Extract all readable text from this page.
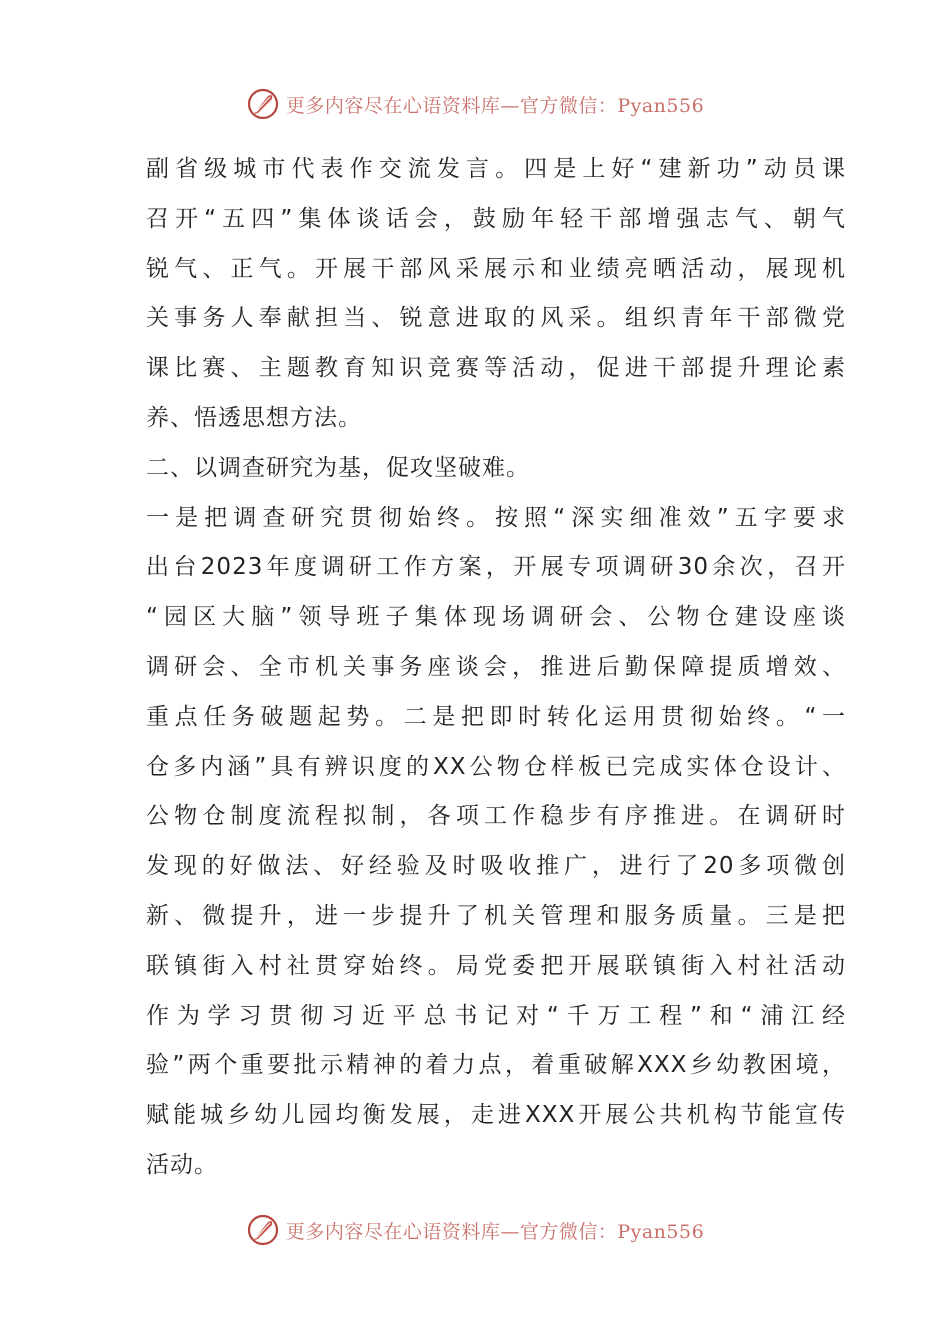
更多内容尽在心语资料库—官方微信：Pyan556
副省级城市代表作交流发言。四是上好“建新功”动员课
召开“五四”集体谈话会，鼓励年轻干部增强志气、朝气
锐气、正气。开展干部风采展示和业绩亮晒活动，展现机
关事务人奉献担当、锐意进取的风采。组织青年干部微党
课比赛、主题教育知识竞赛等活动，促进干部提升理论素
养、悟透思想方法。
二、以调查研究为基，促攻坚破难。
一是把调查研究贯彻始终。按照“深实细准效”五字要求
出台2023年度调研工作方案，开展专项调研30余次，召开
“园区大脑”领导班子集体现场调研会、公物仓建设座谈
调研会、全市机关事务座谈会，推进后勤保障提质增效、
重点任务破题起势。二是把即时转化运用贯彻始终。“一
仓多内涵”具有辨识度的XX公物仓样板已完成实体仓设计、
公物仓制度流程拟制，各项工作稳步有序推进。在调研时
发现的好做法、好经验及时吸收推广，进行了20多项微创
新、微提升，进一步提升了机关管理和服务质量。三是把
联镇街入村社贯穿始终。局党委把开展联镇街入村社活动
作为学习贯彻习近平总书记对“千万工程”和“浦江经
验”两个重要批示精神的着力点，着重破解XXX乡幼教困境，
赋能城乡幼儿园均衡发展，走进XXX开展公共机构节能宣传
活动。
更多内容尽在心语资料库—官方微信：Pyan556
